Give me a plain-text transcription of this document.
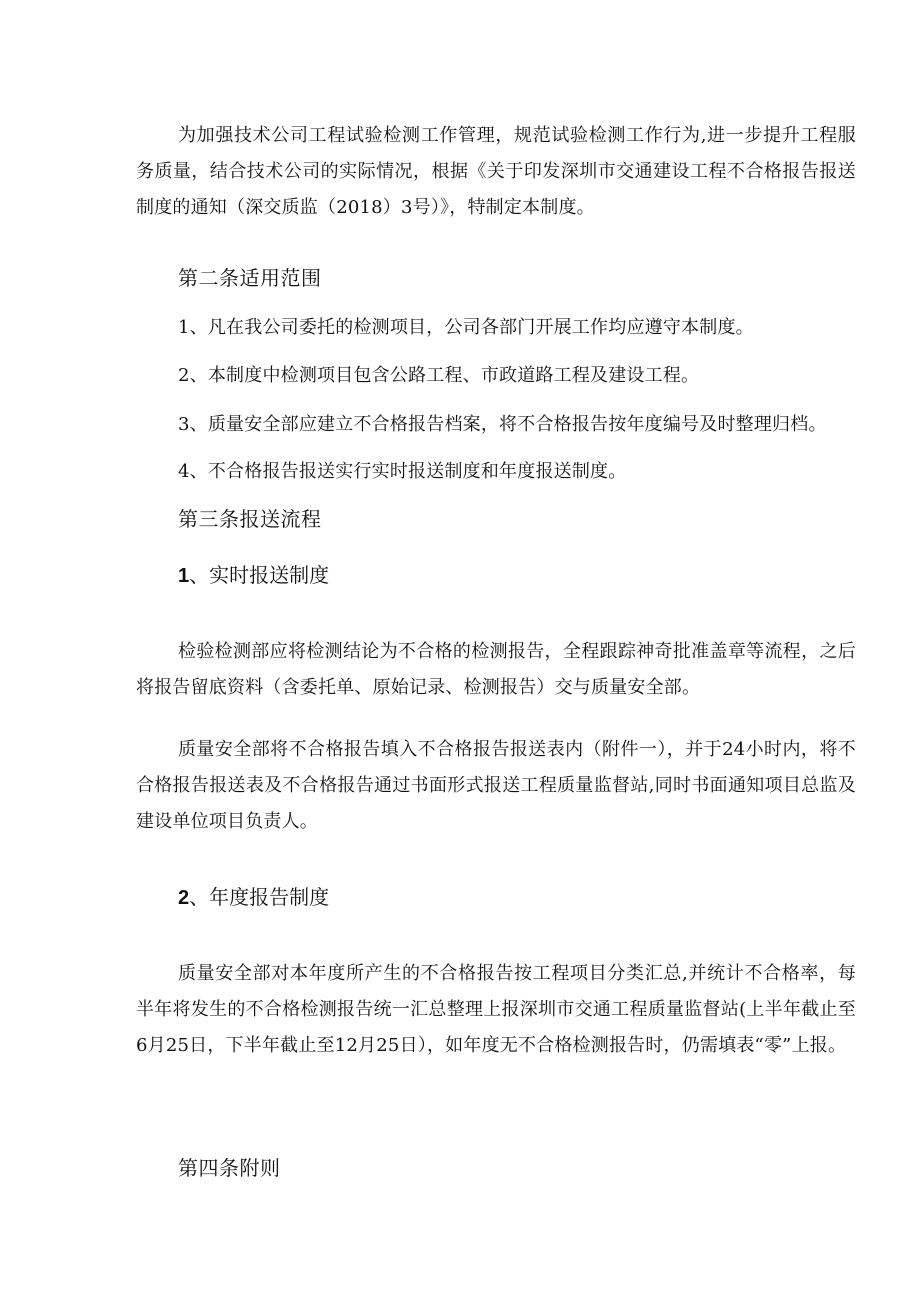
为加强技术公司工程试验检测工作管理，规范试验检测工作行为,进一步提升工程服务质量，结合技术公司的实际情况，根据《关于印发深圳市交通建设工程不合格报告报送制度的通知（深交质监（2018）3号）》，特制定本制度。

第二条适用范围
1、凡在我公司委托的检测项目，公司各部门开展工作均应遵守本制度。
2、本制度中检测项目包含公路工程、市政道路工程及建设工程。
3、质量安全部应建立不合格报告档案，将不合格报告按年度编号及时整理归档。
4、不合格报告报送实行实时报送制度和年度报送制度。
第三条报送流程
1、实时报送制度

检验检测部应将检测结论为不合格的检测报告，全程跟踪神奇批准盖章等流程，之后将报告留底资料（含委托单、原始记录、检测报告）交与质量安全部。

质量安全部将不合格报告填入不合格报告报送表内（附件一），并于24小时内，将不合格报告报送表及不合格报告通过书面形式报送工程质量监督站,同时书面通知项目总监及建设单位项目负责人。

2、年度报告制度

质量安全部对本年度所产生的不合格报告按工程项目分类汇总,并统计不合格率，每半年将发生的不合格检测报告统一汇总整理上报深圳市交通工程质量监督站(上半年截止至6月25日，下半年截止至12月25日），如年度无不合格检测报告时，仍需填表“零”上报。

第四条附则
